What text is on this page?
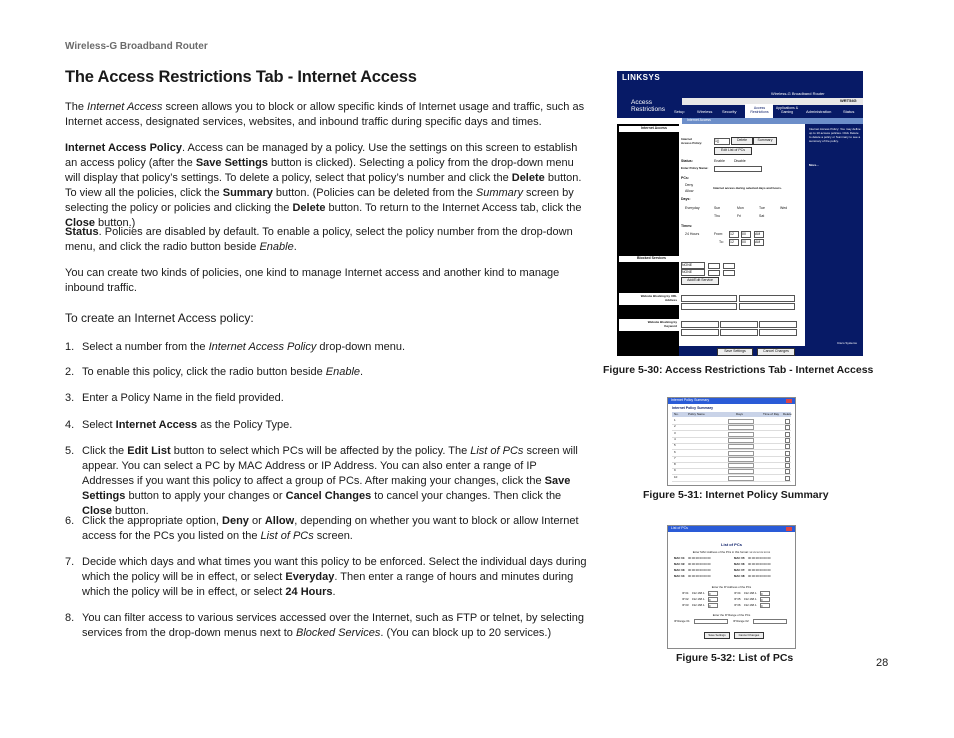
Wireless-G Broadband Router
The Access Restrictions Tab - Internet Access

The Internet Access screen allows you to block or allow specific kinds of Internet usage and traffic, such as Internet access, designated services, websites, and inbound traffic during specific days and times.

Internet Access Policy. Access can be managed by a policy. Use the settings on this screen to establish an access policy (after the Save Settings button is clicked). Selecting a policy from the drop-down menu will display that policy’s settings. To delete a policy, select that policy’s number and click the Delete button. To view all the policies, click the Summary button. (Policies can be deleted from the Summary screen by selecting the policy or policies and clicking the Delete button. To return to the Internet Access tab, click the Close button.)

Status. Policies are disabled by default. To enable a policy, select the policy number from the drop-down menu, and click the radio button beside Enable.

You can create two kinds of policies, one kind to manage Internet access and another kind to manage inbound traffic.

To create an Internet Access policy:
1. Select a number from the Internet Access Policy drop-down menu.
2. To enable this policy, click the radio button beside Enable.
3. Enter a Policy Name in the field provided.
4. Select Internet Access as the Policy Type.
5. Click the Edit List button to select which PCs will be affected by the policy. The List of PCs screen will appear. You can select a PC by MAC Address or IP Address. You can also enter a range of IP Addresses if you want this policy to affect a group of PCs. After making your changes, click the Save Settings button to apply your changes or Cancel Changes to cancel your changes. Then click the Close button.
6. Click the appropriate option, Deny or Allow, depending on whether you want to block or allow Internet access for the PCs you listed on the List of PCs screen.
7. Decide which days and what times you want this policy to be enforced. Select the individual days during which the policy will be in effect, or select Everyday. Then enter a range of hours and minutes during which the policy will be in effect, or select 24 Hours.
8. You can filter access to various services accessed over the Internet, such as FTP or telnet, by selecting services from the drop-down menus next to Blocked Services. (You can block up to 20 services.)
LINKSYS
Wireless-G Broadband Router
WRT54G
Access
Restrictions Setup	Wireless Security
Access Restrictions
Applications & Gaming	Administration	Status
Internet Access
Internet Access
Blocked Services
Website Blocking by URL Address
Website Blocking by Keyword
Internet Access Policy:	1()	Delete	Summary
Edit List of PCs
Status:	Enable	Disable
Enter Policy Name:
PCs:
Deny
Allow
Internet access during selected days and hours.
Days:
Everyday	Sun	Mon	Tue	Wed
Thu	Fri	Sat
Times:
24 Hours	From: 12	00	AM
To: 12	00	AM
NONE
NONE
Add/Edit Service
Save Settings	Cancel Changes
Internet Access Policy: You may define up to 10 access policies. Click Delete to delete a policy or Summary to see a summary of the policy.
More...
Cisco Systems
Figure 5-30: Access Restrictions Tab - Internet Access
Internet Policy Summary
Internet Policy Summary
No.	Policy Name	Days	Time of Day Delete
1
2
3
4
5
6
7
8
9
10
Figure 5-31: Internet Policy Summary
List of PCs
List of PCs
Enter MAC Address of the PCs in this format: xx:xx:xx:xx:xx:xx
MAC 01: 00:00:00:00:00:00	MAC 05: 00:00:00:00:00:00
MAC 02: 00:00:00:00:00:00	MAC 06: 00:00:00:00:00:00
MAC 03: 00:00:00:00:00:00	MAC 07: 00:00:00:00:00:00
MAC 04: 00:00:00:00:00:00	MAC 08: 00:00:00:00:00:00
Enter the IP Address of the PCs
IP 01: 192.168.1.	0	IP 04: 192.168.1.	0
IP 02: 192.168.1.	0	IP 05: 192.168.1.	0
IP 03: 192.168.1.	0	IP 06: 192.168.1.	0
Enter the IP Range of the PCs
IP Range 01:	IP Range 02:
Save Settings	Cancel Changes
Figure 5-32: List of PCs	28
